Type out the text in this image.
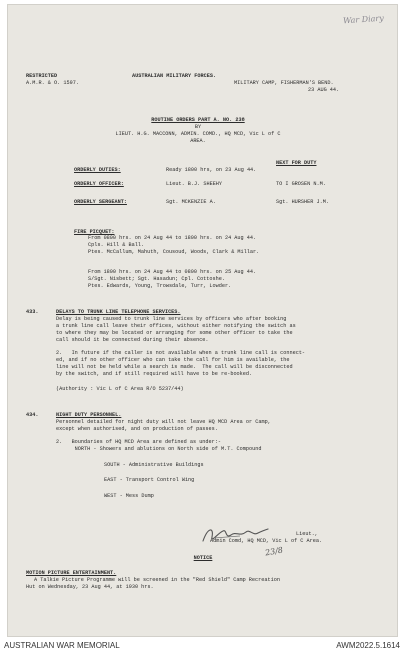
War Diary

RESTRICTED

A.M.R. & O. 1597.

AUSTRALIAN MILITARY FORCES.

MILITARY CAMP, FISHERMAN'S BEND.

23 AUG 44.

ROUTINE ORDERS PART A. NO. 238

BY

LIEUT. H.G. MACCONN, ADMIN. COMD., HQ MCD, Vic L of C

AREA.

NEXT FOR DUTY

ORDERLY DUTIES:	Ready 1800 hrs, on 23 Aug 44.

ORDERLY OFFICER:	Lieut. B.J. SHEEHY	TO I GROSEN N.M.

ORDERLY SERGEANT:	Sgt. MCKENZIE A.	Sgt. HURSHER J.M.

FIRE PICQUET:

From 0800 hrs. on 24 Aug 44 to 1800 hrs. on 24 Aug 44.

Cpls. Hill & Ball.

Ptes. McCallum, Mahuth, Cousoud, Woods, Clark & Millar.

From 1800 hrs. on 24 Aug 44 to 0800 hrs. on 25 Aug 44.

S/Sgt. Nisbett; Sgt. Hasadun; Cpl. Cottoshe.

Ptes. Edwards, Young, Trowsdale, Turr, Lowder.

433.	DELAYS TO TRUNK LINE TELEPHONE SERVICES.

Delay is being caused to trunk line services by officers who after booking

a trunk line call leave their offices, without either notifying the switch as

to where they may be located or arranging for some other officer to take the

call should it be connected during their absence.

2.   In future if the caller is not available when a trunk line call is connect-

ed, and if no other officer who can take the call for him is available, the

line will not be held while a search is made.  The call will be disconnected

by the switch, and if still required will have to be re-booked.

(Authority : Vic L of C Area R/O 5237/44)

434.	NIGHT DUTY PERSONNEL.

Personnel detailed for night duty will not leave HQ MCD Area or Camp,

except when authorised, and on production of passes.

2.   Boundaries of HQ MCD Area are defined as under:-

NORTH - Showers and ablutions on North side of M.T. Compound

SOUTH - Administrative Buildings

EAST - Transport Control Wing

WEST - Mess Dump

Lieut.,

Admin Comd, HQ MCD, Vic L of C Area.

23/8

NOTICE

MOTION PICTURE ENTERTAINMENT.

A Talkie Picture Programme will be screened in the "Red Shield" Camp Recreation

Hut on Wednesday, 23 Aug 44, at 1930 hrs.

AUSTRALIAN WAR MEMORIAL	AWM2022.5.1614
